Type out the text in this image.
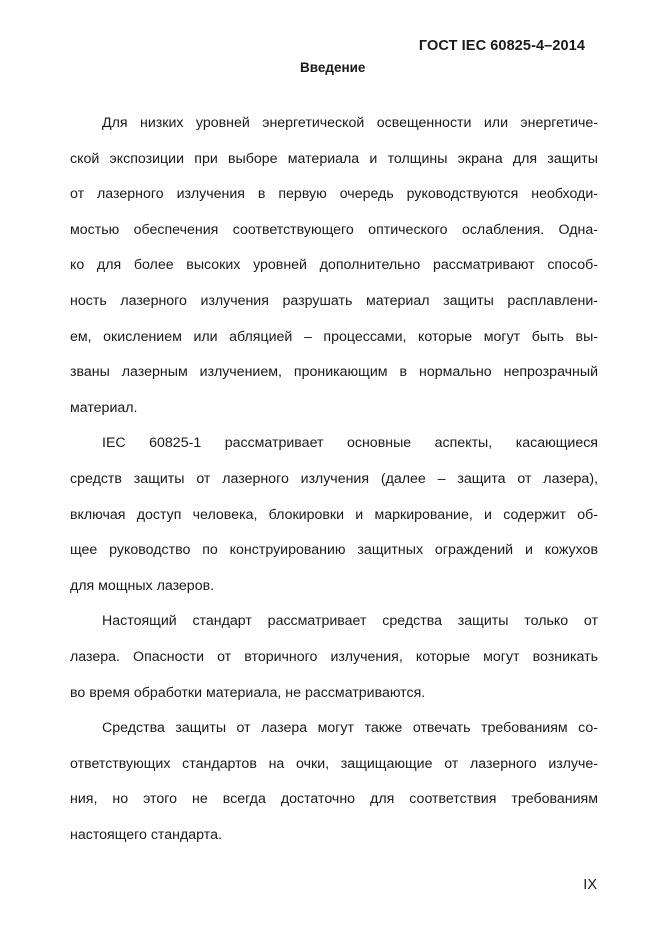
ГОСТ IEC 60825-4–2014
Введение
Для низких уровней энергетической освещенности или энергетиче-
ской экспозиции при выборе материала и толщины экрана для защиты
от лазерного излучения в первую очередь руководствуются необходи-
мостью обеспечения соответствующего оптического ослабления. Одна-
ко для более высоких уровней дополнительно рассматривают способ-
ность лазерного излучения разрушать материал защиты расплавлени-
ем, окислением или абляцией – процессами, которые могут быть вы-
званы лазерным излучением, проникающим в нормально непрозрачный
материал.
IEC 60825-1 рассматривает основные аспекты, касающиеся
средств защиты от лазерного излучения (далее – защита от лазера),
включая доступ человека, блокировки и маркирование, и содержит об-
щее руководство по конструированию защитных ограждений и кожухов
для мощных лазеров.
Настоящий стандарт рассматривает средства защиты только от
лазера. Опасности от вторичного излучения, которые могут возникать
во время обработки материала, не рассматриваются.
Средства защиты от лазера могут также отвечать требованиям со-
ответствующих стандартов на очки, защищающие от лазерного излуче-
ния, но этого не всегда достаточно для соответствия требованиям
настоящего стандарта.
IX
